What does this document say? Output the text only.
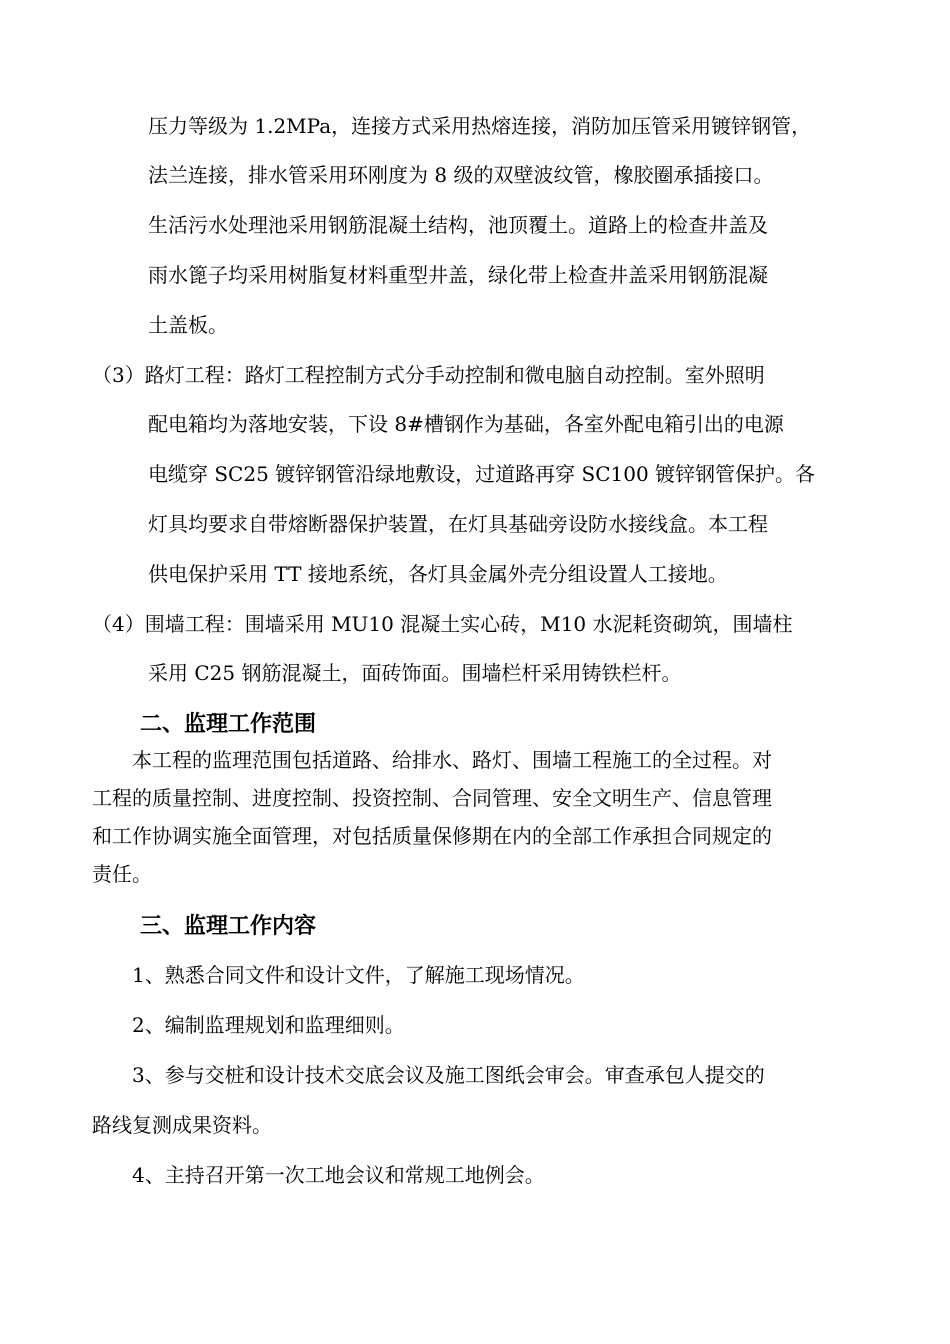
压力等级为 1.2MPa，连接方式采用热熔连接，消防加压管采用镀锌钢管，
法兰连接，排水管采用环刚度为 8 级的双壁波纹管，橡胶圈承插接口。
生活污水处理池采用钢筋混凝土结构，池顶覆土。道路上的检查井盖及
雨水篦子均采用树脂复材料重型井盖，绿化带上检查井盖采用钢筋混凝
土盖板。
（3）路灯工程：路灯工程控制方式分手动控制和微电脑自动控制。室外照明
配电箱均为落地安装，下设 8#槽钢作为基础，各室外配电箱引出的电源
电缆穿 SC25 镀锌钢管沿绿地敷设，过道路再穿 SC100 镀锌钢管保护。各
灯具均要求自带熔断器保护装置，在灯具基础旁设防水接线盒。本工程
供电保护采用 TT 接地系统，各灯具金属外壳分组设置人工接地。
（4）围墙工程：围墙采用 MU10 混凝土实心砖，M10 水泥耗资砌筑，围墙柱
采用 C25 钢筋混凝土，面砖饰面。围墙栏杆采用铸铁栏杆。
二、监理工作范围
本工程的监理范围包括道路、给排水、路灯、围墙工程施工的全过程。对
工程的质量控制、进度控制、投资控制、合同管理、安全文明生产、信息管理
和工作协调实施全面管理，对包括质量保修期在内的全部工作承担合同规定的
责任。
三、监理工作内容
1、熟悉合同文件和设计文件，了解施工现场情况。
2、编制监理规划和监理细则。
3、参与交桩和设计技术交底会议及施工图纸会审会。审查承包人提交的
路线复测成果资料。
4、主持召开第一次工地会议和常规工地例会。
